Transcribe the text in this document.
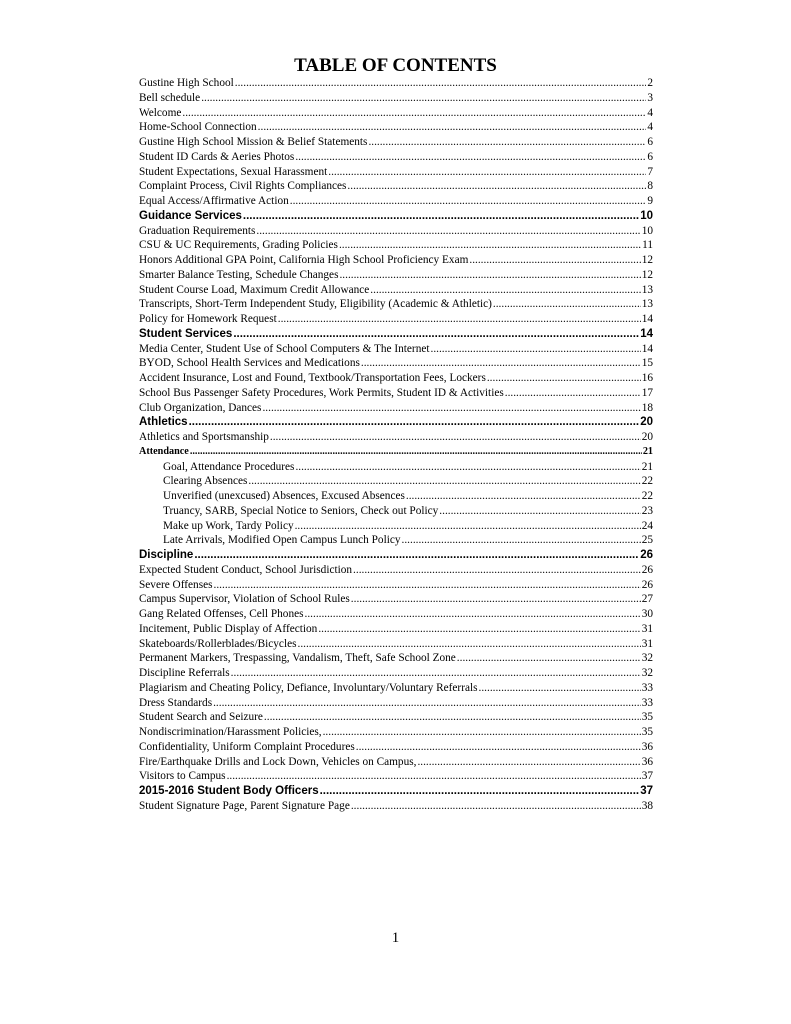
TABLE OF CONTENTS
Gustine High School .....	2
Bell schedule .....	3
Welcome .....	4
Home-School Connection .....	4
Gustine High School Mission & Belief Statements .....	6
Student ID Cards & Aeries Photos .....	6
Student Expectations, Sexual Harassment .....	7
Complaint Process, Civil Rights Compliances .....	8
Equal Access/Affirmative Action .....	9
Guidance Services .....	10
Graduation Requirements .....	10
CSU & UC Requirements, Grading Policies .....	11
Honors Additional GPA Point, California High School Proficiency Exam .....	12
Smarter Balance Testing, Schedule Changes .....	12
Student Course Load, Maximum Credit Allowance .....	13
Transcripts, Short-Term Independent Study, Eligibility (Academic & Athletic) .....	13
Policy for Homework Request .....	14
Student Services .....	14
Media Center, Student Use of School Computers & The Internet .....	14
BYOD, School Health Services and Medications .....	15
Accident Insurance, Lost and Found, Textbook/Transportation Fees, Lockers .....	16
School Bus Passenger Safety Procedures, Work Permits, Student ID & Activities .....	17
Club Organization, Dances .....	18
Athletics .....	20
Athletics and Sportsmanship .....	20
Attendance .....	21
Goal, Attendance Procedures .....	21
Clearing Absences .....	22
Unverified (unexcused) Absences, Excused Absences .....	22
Truancy, SARB, Special Notice to Seniors, Check out Policy .....	23
Make up Work, Tardy Policy .....	24
Late Arrivals, Modified Open Campus Lunch Policy .....	25
Discipline .....	26
Expected Student Conduct, School Jurisdiction .....	26
Severe Offenses .....	26
Campus Supervisor, Violation of School Rules .....	27
Gang Related Offenses, Cell Phones .....	30
Incitement, Public Display of Affection .....	31
Skateboards/Rollerblades/Bicycles .....	31
Permanent Markers, Trespassing, Vandalism, Theft, Safe School Zone .....	32
Discipline Referrals .....	32
Plagiarism and Cheating Policy, Defiance, Involuntary/Voluntary Referrals .....	33
Dress Standards .....	33
Student Search and Seizure .....	35
Nondiscrimination/Harassment Policies, .....	35
Confidentiality, Uniform Complaint Procedures .....	36
Fire/Earthquake Drills and Lock Down, Vehicles on Campus, .....	36
Visitors to Campus .....	37
2015-2016 Student Body Officers .....	37
Student Signature Page, Parent Signature Page .....	38
1
